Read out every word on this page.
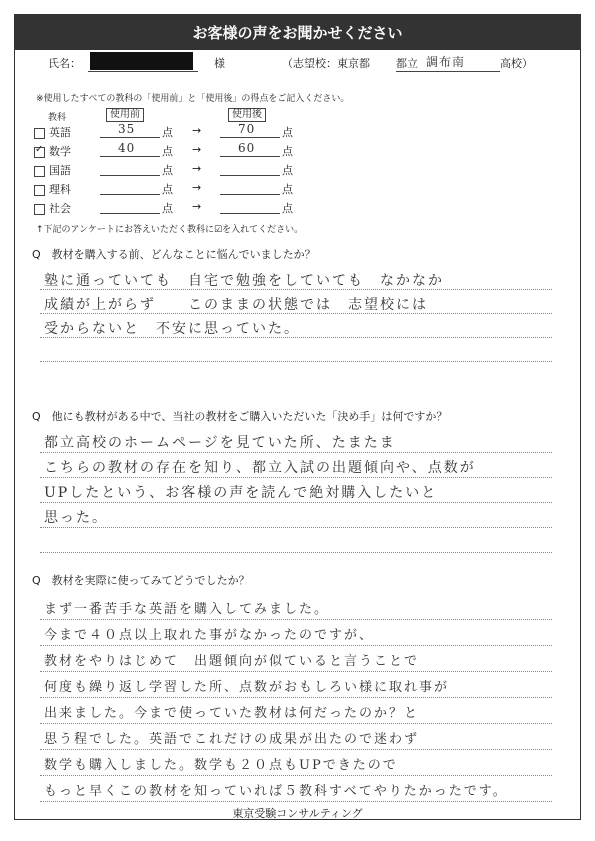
お客様の声をお聞かせください
氏名：	様	（志望校：東京都 都立 調布南	高校）
※使用したすべての教科の「使用前」と「使用後」の得点をご記入ください。
教科	使用前	使用後
英語	35 点 →	70 点
✓数学	40 点 →	60 点
国語	点 →	点
理科	点 →	点
社会	点 →	点
↑下記のアンケートにお答えいただく教科に☑を入れてください。
Q　教材を購入する前、どんなことに悩んでいましたか？
塾に通っていても　自宅で勉強をしていても　なかなか
成績が上がらず　　このままの状態では　志望校には
受からないと　不安に思っていた。
Q　他にも教材がある中で、当社の教材をご購入いただいた「決め手」は何ですか？
都立高校のホームページを見ていた所、たまたま
こちらの教材の存在を知り、都立入試の出題傾向や、点数が
UPしたという、お客様の声を読んで絶対購入したいと
思った。
Q　教材を実際に使ってみてどうでしたか？
まず一番苦手な英語を購入してみました。
今まで４０点以上取れた事がなかったのですが、
教材をやりはじめて　出題傾向が似ていると言うことで
何度も繰り返し学習した所、点数がおもしろい様に取れ事が
出来ました。今まで使っていた教材は何だったのか？と
思う程でした。英語でこれだけの成果が出たので迷わず
数学も購入しました。数学も２０点もUPできたので
もっと早くこの教材を知っていれば５教科すべてやりたかったです。
東京受験コンサルティング
